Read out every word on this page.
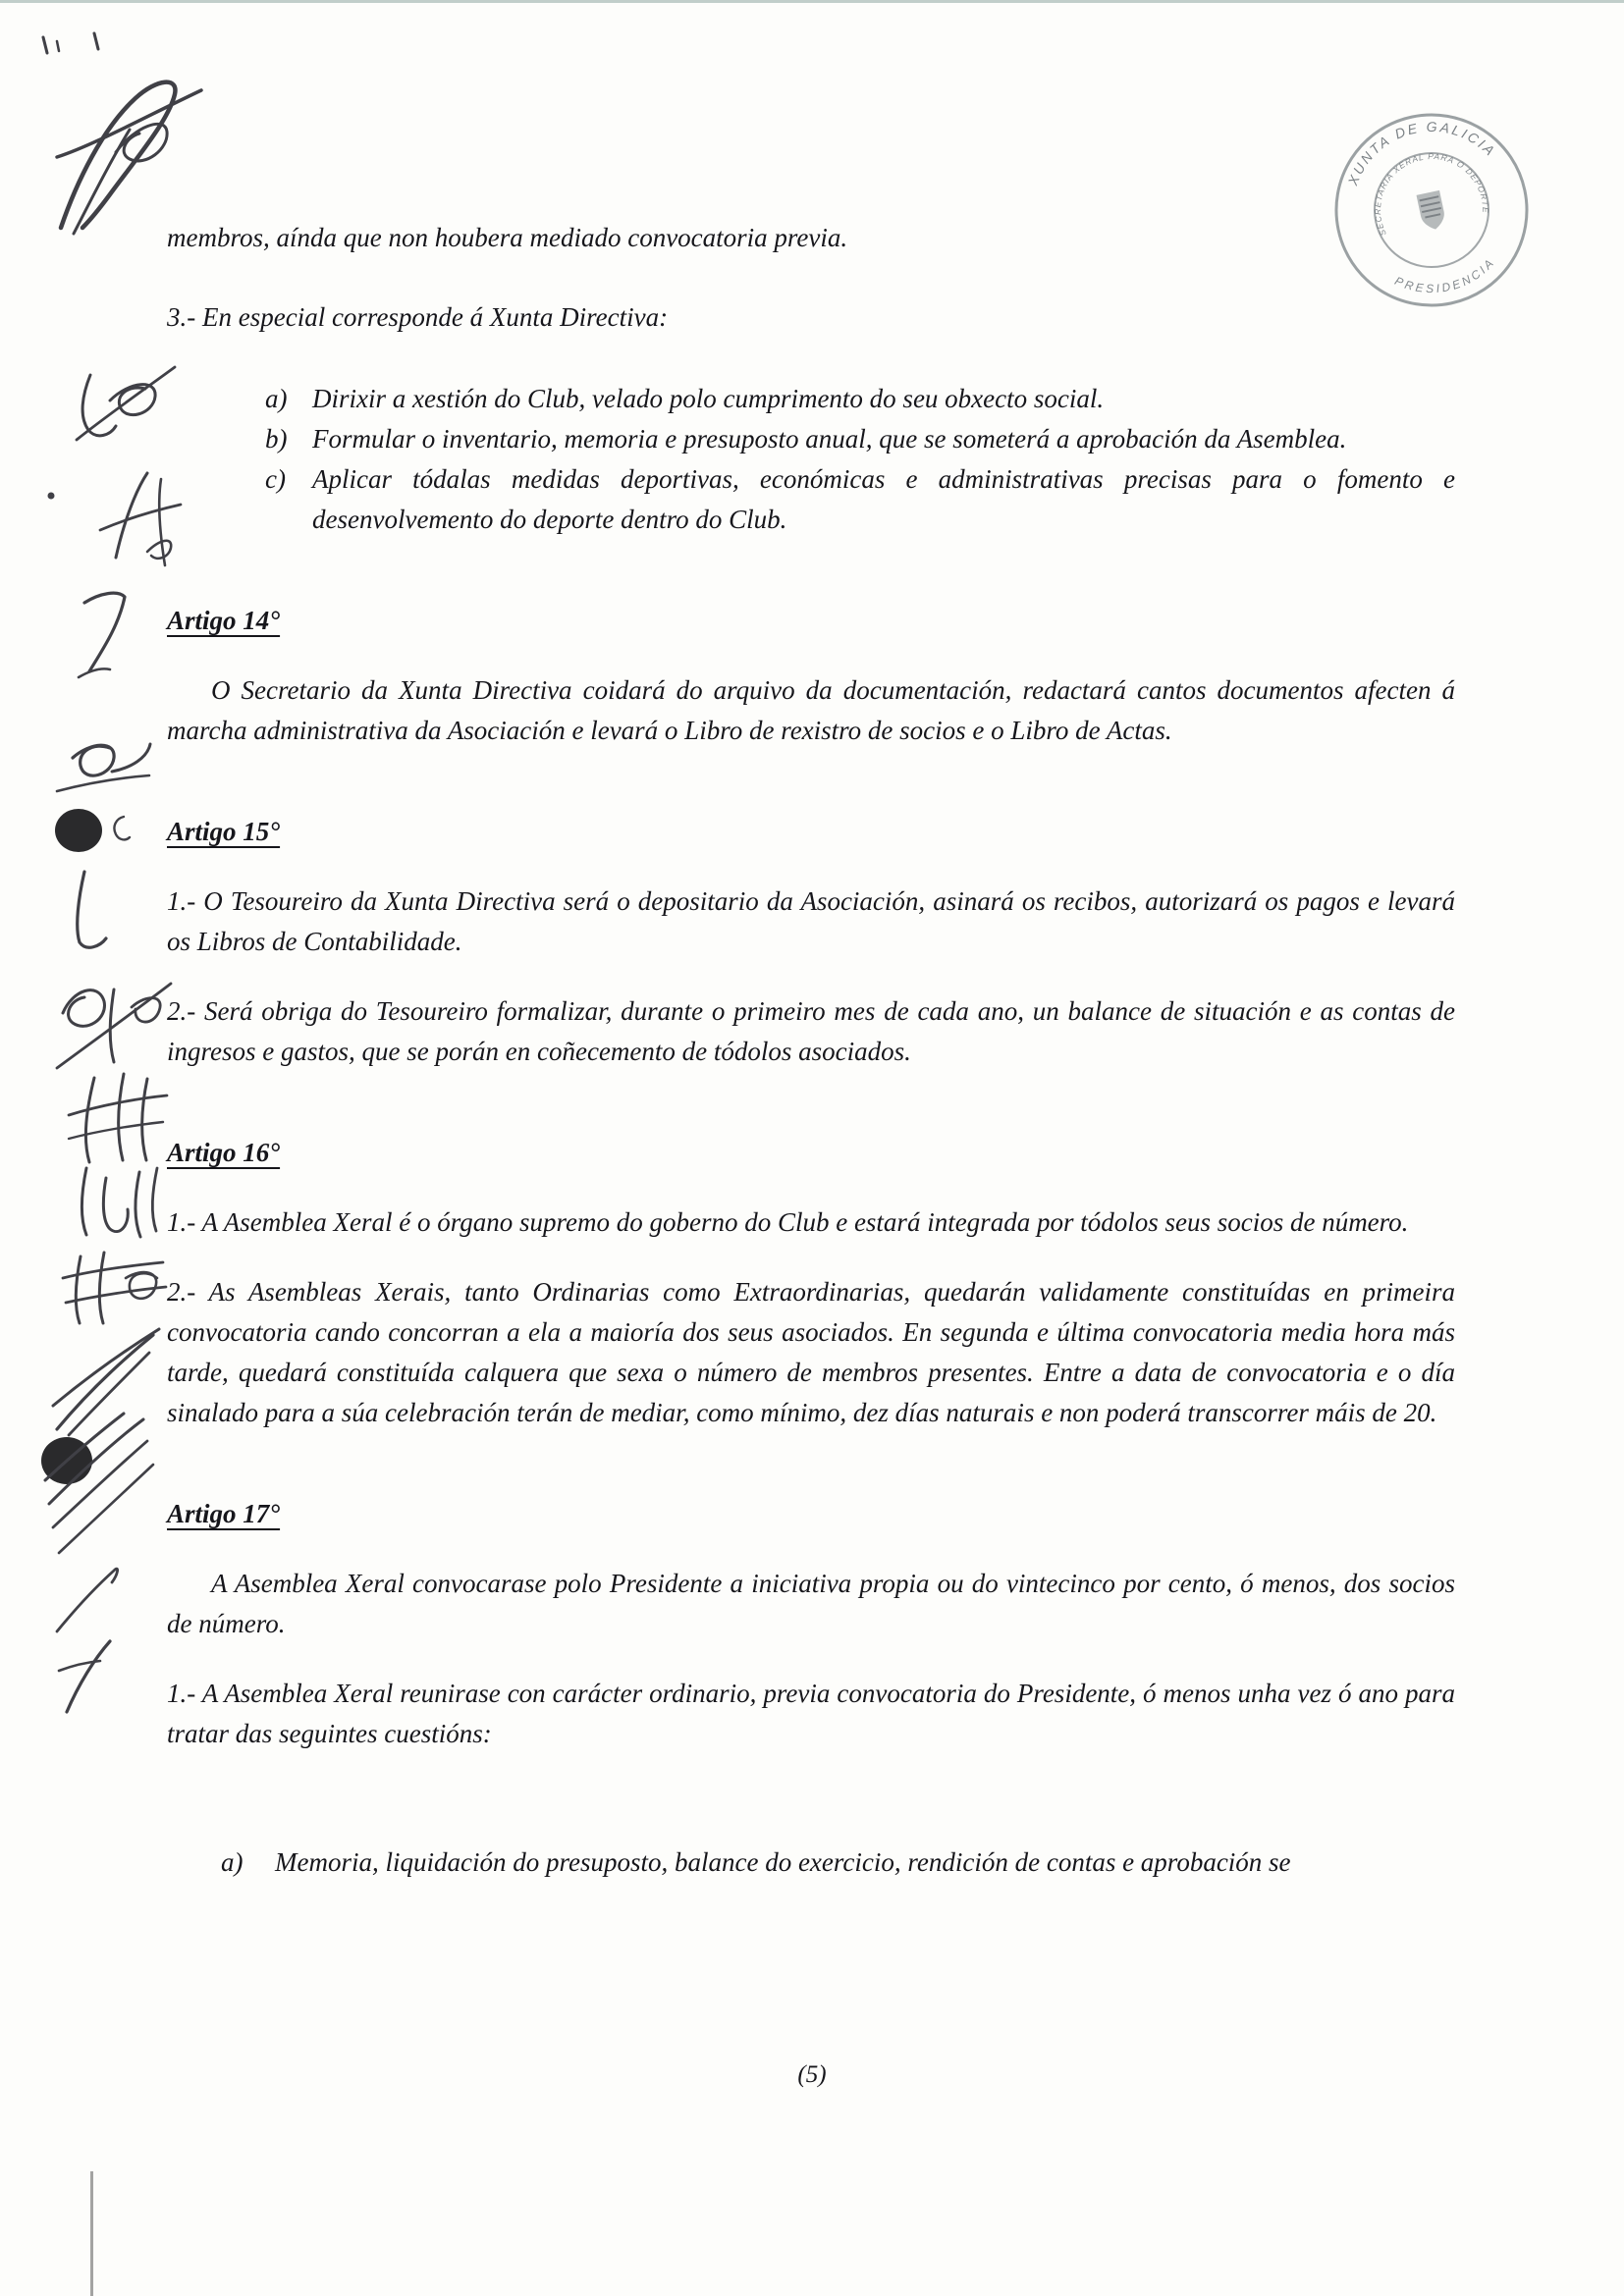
XUNTA DE GALICIA
PRESIDENCIA
SECRETARIA XERAL PARA O DEPORTE

membros, aínda que non houbera mediado convocatoria previa.

3.- En especial corresponde á Xunta Directiva:

a) Dirixir a xestión do Club, velado polo cumprimento do seu obxecto social.
b) Formular o inventario, memoria e presuposto anual, que se someterá a aprobación da Asemblea.
c) Aplicar tódalas medidas deportivas, económicas e administrativas precisas para o fomento e desenvolvemento do deporte dentro do Club.
Artigo 14°

O Secretario da Xunta Directiva coidará do arquivo da documentación, redactará cantos documentos afecten á marcha administrativa da Asociación e levará o Libro de rexistro de socios e o Libro de Actas.

Artigo 15°

1.- O Tesoureiro da Xunta Directiva será o depositario da Asociación, asinará os recibos, autorizará os pagos e levará os Libros de Contabilidade.

2.- Será obriga do Tesoureiro formalizar, durante o primeiro mes de cada ano, un balance de situación e as contas de ingresos e gastos, que se porán en coñecemento de tódolos asociados.

Artigo 16°

1.- A Asemblea Xeral é o órgano supremo do goberno do Club e estará integrada por tódolos seus socios de número.

2.- As Asembleas Xerais, tanto Ordinarias como Extraordinarias, quedarán validamente constituídas en primeira convocatoria cando concorran a ela a maioría dos seus asociados. En segunda e última convocatoria media hora más tarde, quedará constituída calquera que sexa o número de membros presentes. Entre a data de convocatoria e o día sinalado para a súa celebración terán de mediar, como mínimo, dez días naturais e non poderá transcorrer máis de 20.

Artigo 17°

A Asemblea Xeral convocarase polo Presidente a iniciativa propia ou do vintecinco por cento, ó menos, dos socios de número.

1.- A Asemblea Xeral reunirase con carácter ordinario, previa convocatoria do Presidente, ó menos unha vez ó ano para tratar das seguintes cuestións:

a) Memoria, liquidación do presuposto, balance do exercicio, rendición de contas e aprobación se
(5)
